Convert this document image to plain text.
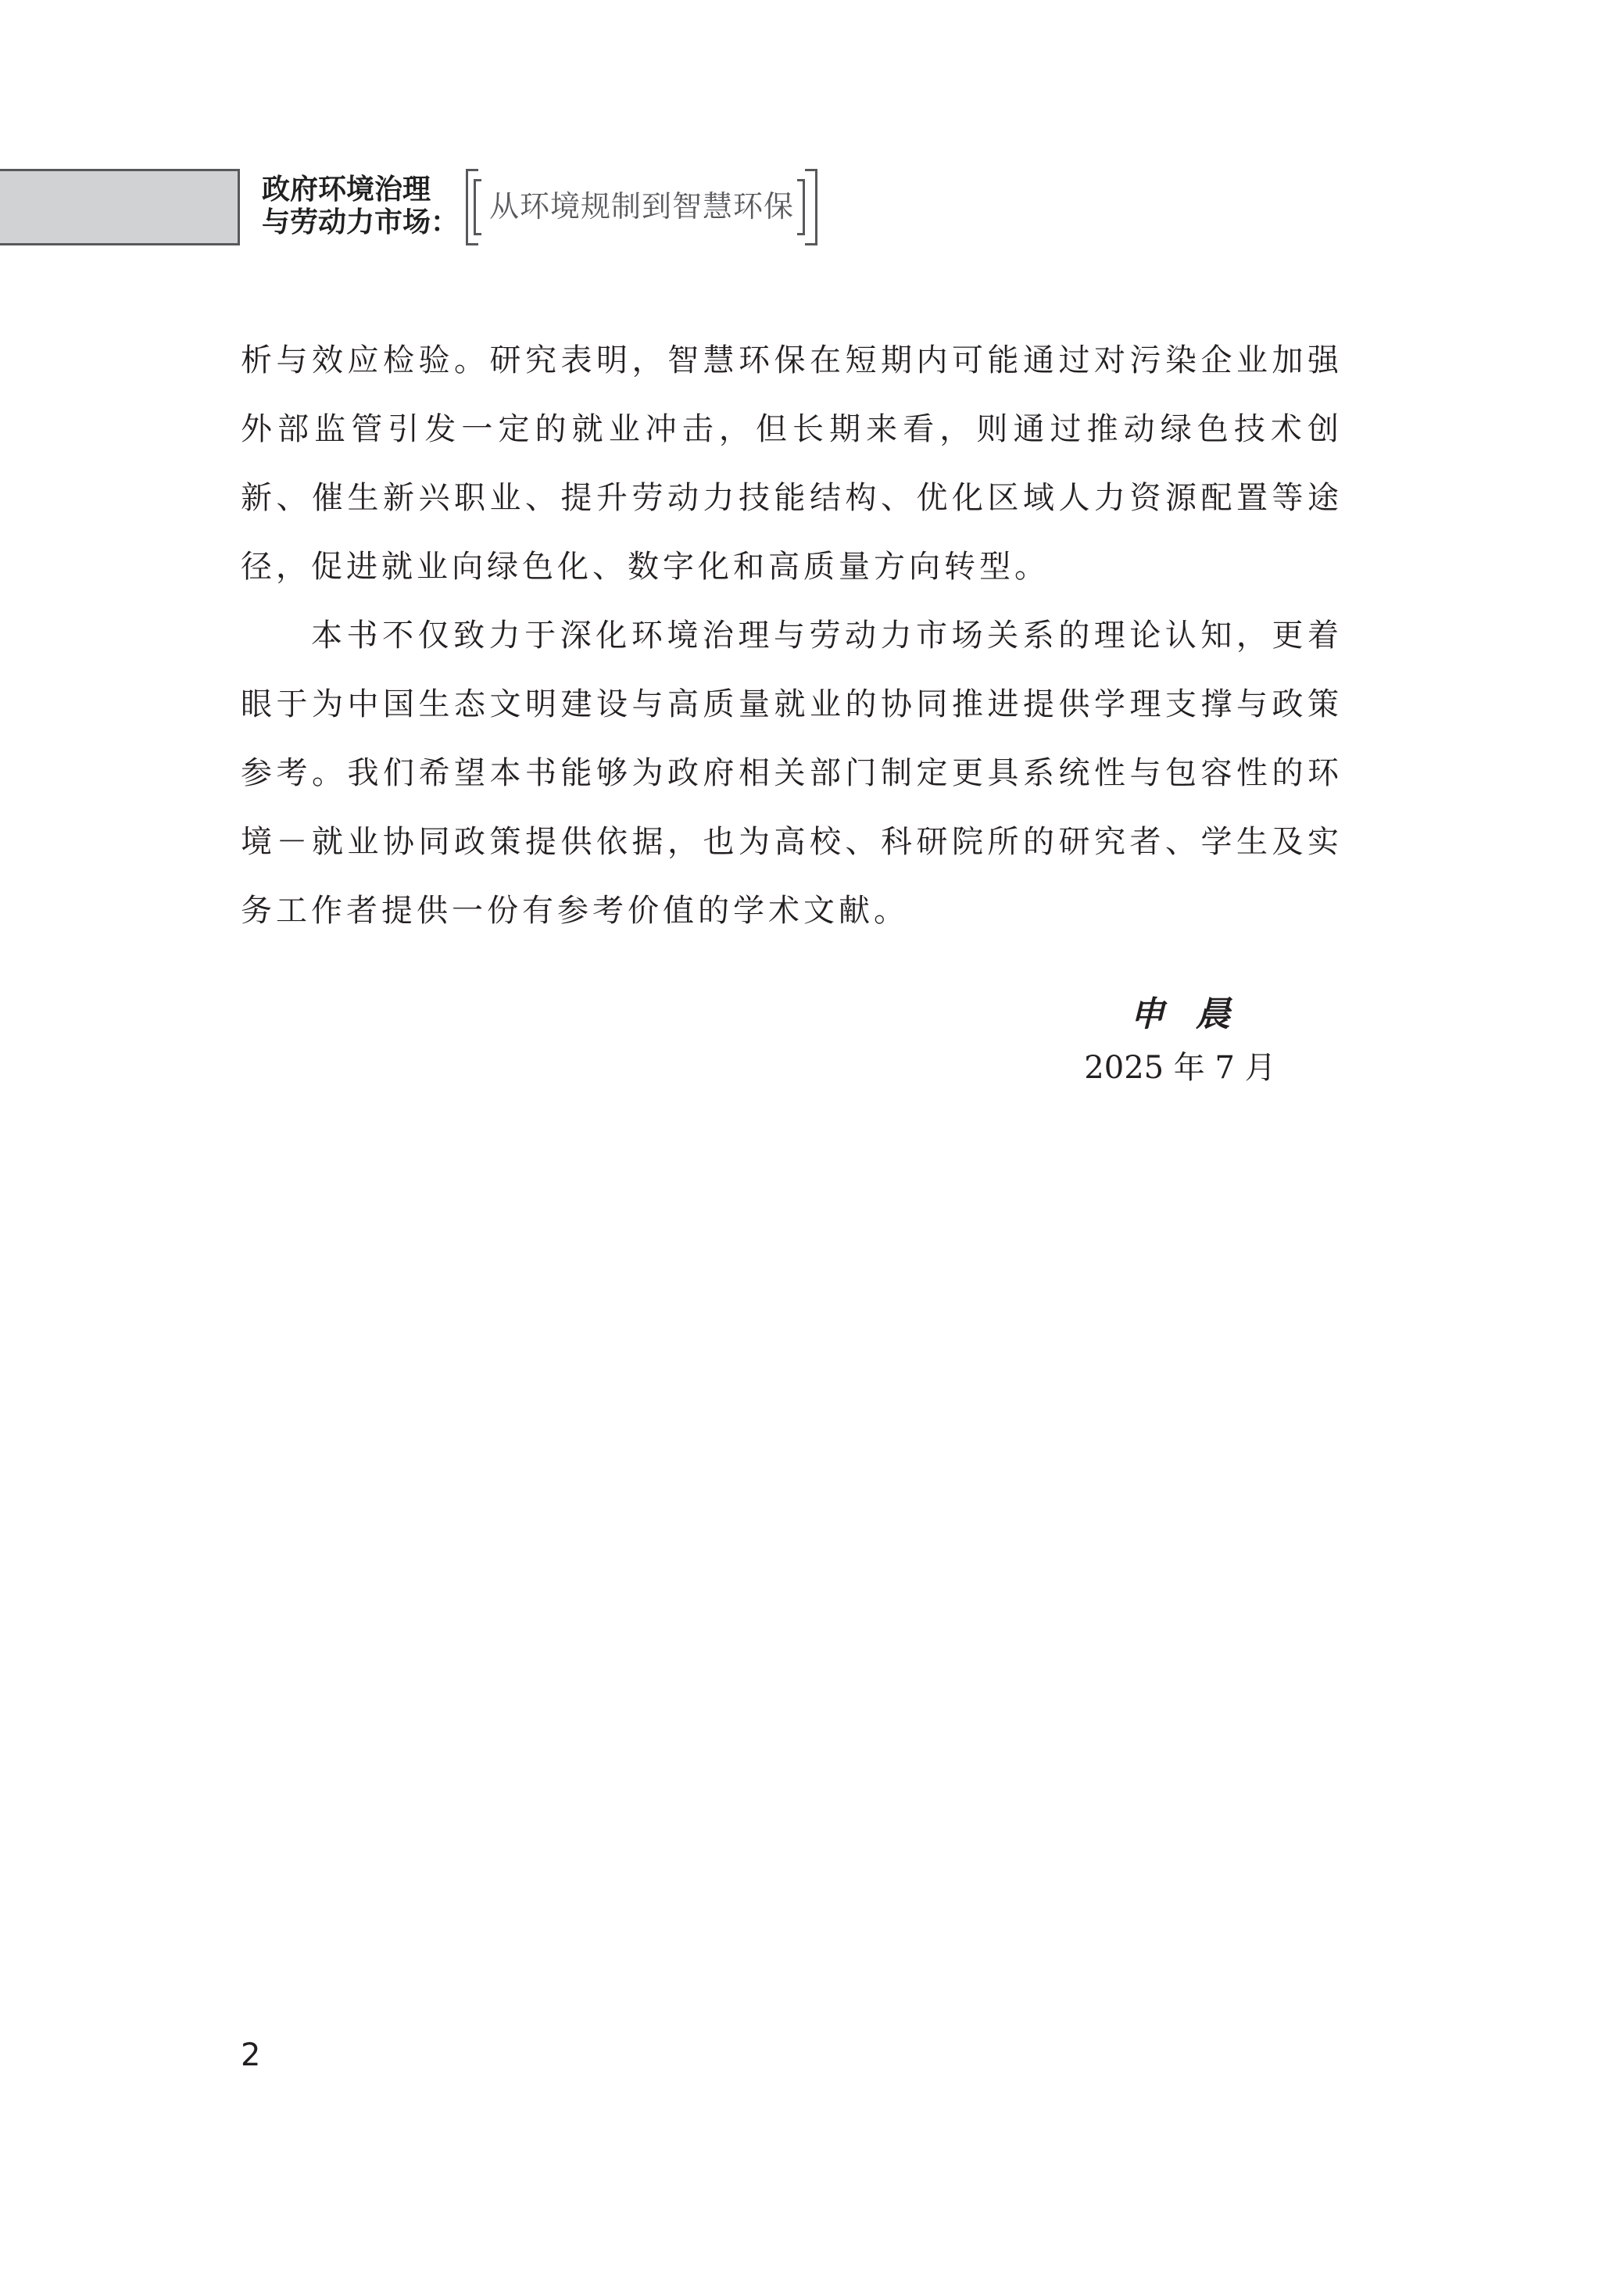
政府环境治理
与劳动力市场：	从环境规制到智慧环保

析与效应检验。研究表明，智慧环保在短期内可能通过对污染企业加强外部监管引发一定的就业冲击，但长期来看，则通过推动绿色技术创新、催生新兴职业、提升劳动力技能结构、优化区域人力资源配置等途径，促进就业向绿色化、数字化和高质量方向转型。

本书不仅致力于深化环境治理与劳动力市场关系的理论认知，更着眼于为中国生态文明建设与高质量就业的协同推进提供学理支撑与政策参考。我们希望本书能够为政府相关部门制定更具系统性与包容性的环境－就业协同政策提供依据，也为高校、科研院所的研究者、学生及实务工作者提供一份有参考价值的学术文献。

申晨
2025 年 7 月
2
